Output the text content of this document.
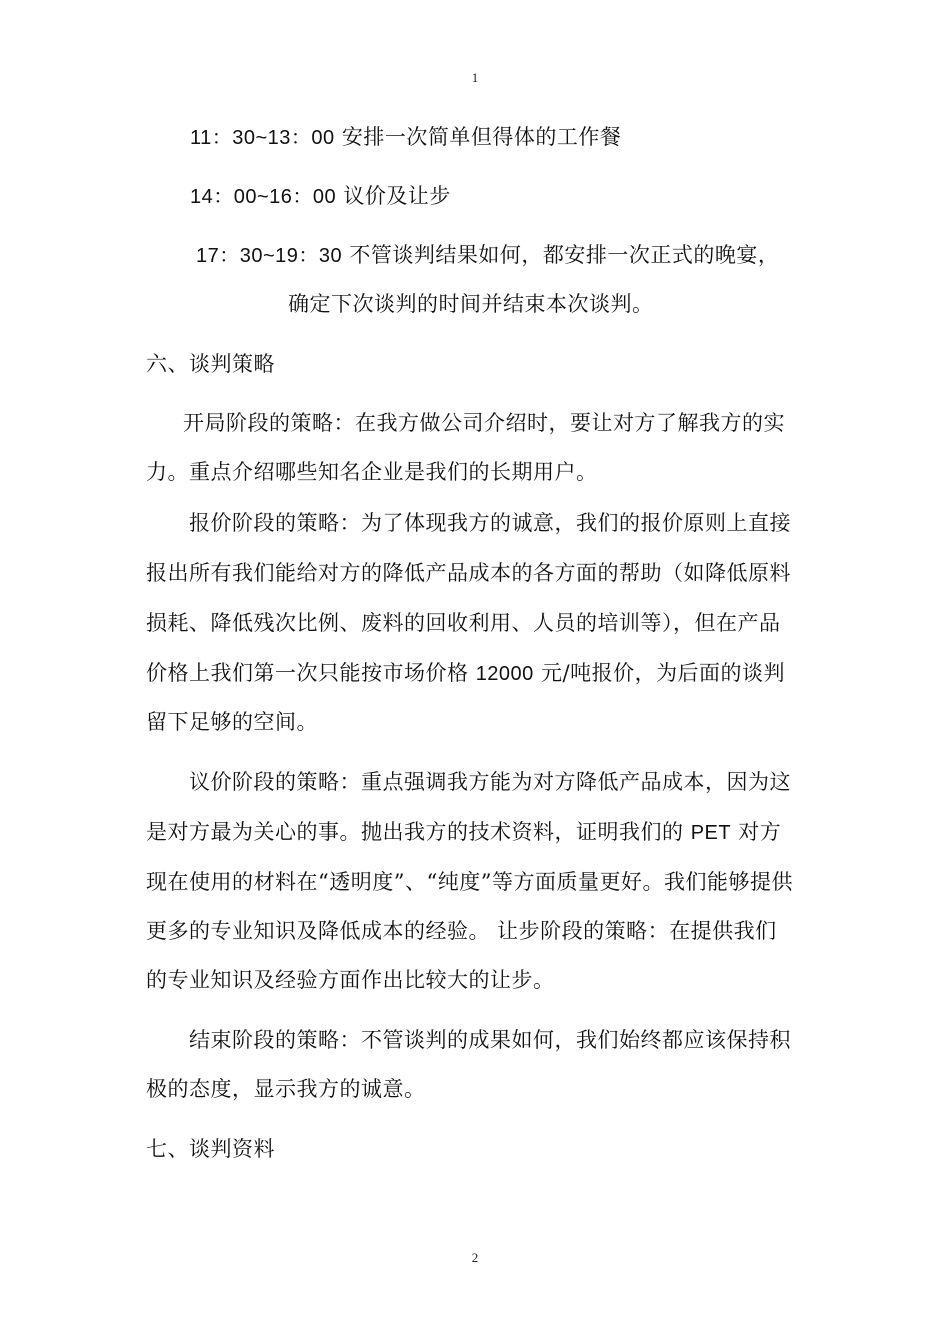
1
11：30~13：00 安排一次简单但得体的工作餐
14：00~16：00 议价及让步
17：30~19：30 不管谈判结果如何，都安排一次正式的晚宴，
确定下次谈判的时间并结束本次谈判。
六、谈判策略
开局阶段的策略：在我方做公司介绍时，要让对方了解我方的实
力。重点介绍哪些知名企业是我们的长期用户。
报价阶段的策略：为了体现我方的诚意，我们的报价原则上直接
报出所有我们能给对方的降低产品成本的各方面的帮助（如降低原料
损耗、降低残次比例、废料的回收利用、人员的培训等），但在产品
价格上我们第一次只能按市场价格 12000 元/吨报价，为后面的谈判
留下足够的空间。
议价阶段的策略：重点强调我方能为对方降低产品成本，因为这
是对方最为关心的事。抛出我方的技术资料，证明我们的 PET 对方
现在使用的材料在“透明度”、“纯度”等方面质量更好。我们能够提供
更多的专业知识及降低成本的经验。 让步阶段的策略：在提供我们
的专业知识及经验方面作出比较大的让步。
结束阶段的策略：不管谈判的成果如何，我们始终都应该保持积
极的态度，显示我方的诚意。
七、谈判资料
2
